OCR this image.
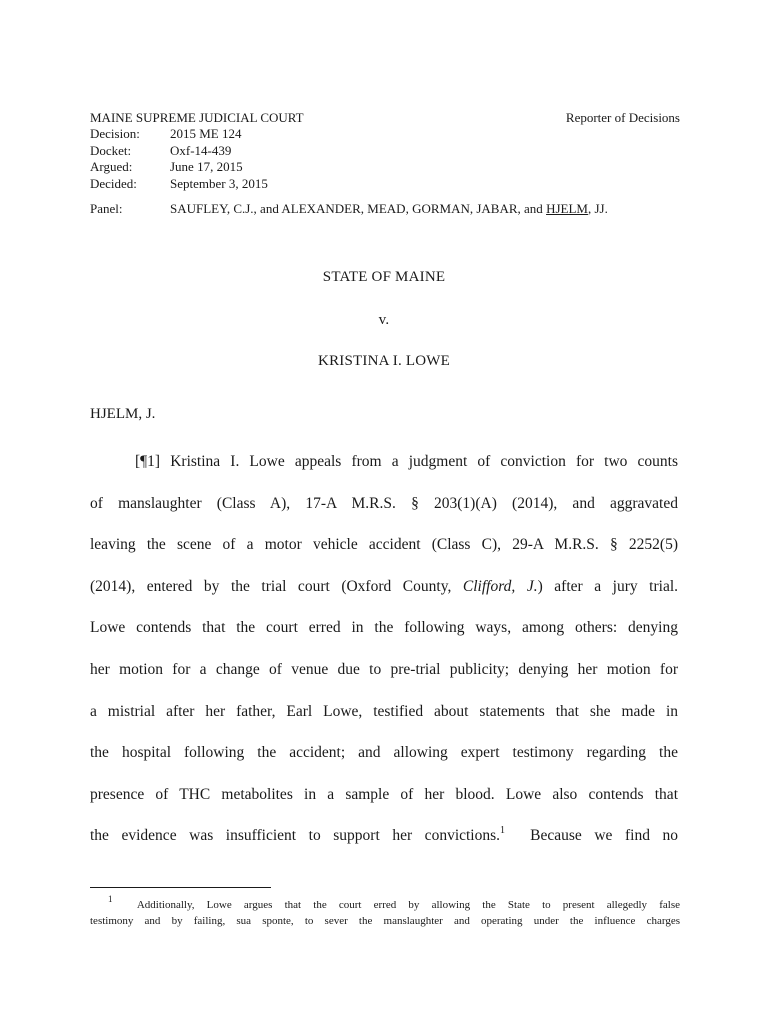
MAINE SUPREME JUDICIAL COURT	Reporter of Decisions
Decision:	2015 ME 124
Docket:	Oxf-14-439
Argued:	June 17, 2015
Decided:	September 3, 2015
Panel:	SAUFLEY, C.J., and ALEXANDER, MEAD, GORMAN, JABAR, and HJELM, JJ.
STATE OF MAINE
v.
KRISTINA I. LOWE
HJELM, J.
[¶1] Kristina I. Lowe appeals from a judgment of conviction for two counts
of manslaughter (Class A), 17-A M.R.S. § 203(1)(A) (2014), and aggravated
leaving the scene of a motor vehicle accident (Class C), 29-A M.R.S. § 2252(5)
(2014), entered by the trial court (Oxford County, Clifford, J.) after a jury trial.
Lowe contends that the court erred in the following ways, among others: denying
her motion for a change of venue due to pre-trial publicity; denying her motion for
a mistrial after her father, Earl Lowe, testified about statements that she made in
the hospital following the accident; and allowing expert testimony regarding the
presence of THC metabolites in a sample of her blood. Lowe also contends that
the evidence was insufficient to support her convictions.$^1$  Because we find no
$^1$ Additionally, Lowe argues that the court erred by allowing the State to present allegedly false
testimony and by failing, sua sponte, to sever the manslaughter and operating under the influence charges
